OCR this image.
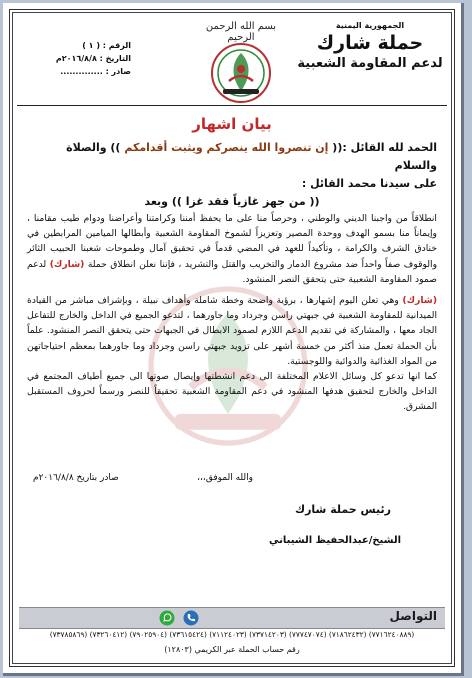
الجمهورية اليمنية
حملة شارك
لدعم المقاومة الشعبية
بسم الله الرحمن الرحيم
الرقم : ( ١ )
التاريخ : ٢٠١٦/٨/٨م
صادر : ..............
بيان اشهار
الحمد لله القائل :(( إن تنصروا الله ينصركم ويثبت أقدامكم )) والصلاة والسلام
على سيدنا محمد القائل :
(( من جهز غازياً فقد غزا )) وبعد

انطلاقاً من واجبنا الديني والوطني ، وحرصاً منا على ما يحفظ أمننا وكرامتنا وأعراضنا ودوام طيب مقامنا ، وإيماناً منا بسمو الهدف ووحدة المصير وتعزيزاً لشموخ المقاومة الشعبية وأبطالها الميامين المرابطين في خنادق الشرف والكرامة ، وتأكيداً للعهد في المضي قدماً في تحقيق آمال وطموحات شعبنا الحبيب الثائر والوقوف صفاً واحداً ضد مشروع الدمار والتخريب والقتل والتشريد ، فإننا نعلن انطلاق حملة (شارك) لدعم صمود المقاومة الشعبية حتى يتحقق النصر المنشود.

(شارك) وهي تعلن اليوم إشهارها ، برؤية واضحة وخطة شاملة وأهداف نبيلة ، وبإشراف مباشر من القيادة الميدانية للمقاومة الشعبية في جبهتي راسن وجرداد وما جاورهما ، لتدعو الجميع في الداخل والخارج للتفاعل الجاد معها ، والمشاركة في تقديم الدعم اللازم لصمود الابطال في الجبهات حتى يتحقق النصر المنشود. علماً بأن الحملة تعمل منذ أكثر من خمسة أشهر على تزويد جبهتي راسن وجرداد وما جاورهما بمعظم احتياجاتهن من المواد الغذائية والدوائية واللوجستية.

كما انها تدعو كل وسائل الاعلام المختلفة الى دعم انشطتها وإيصال صوتها الى جميع أطياف المجتمع في الداخل والخارج لتحقيق هدفها المنشود في دعم المقاومة الشعبية تحقيقاً للنصر ورسماً لحروف المستقبل المشرق.

والله الموفق،،،
صادر بتاريخ ٢٠١٦/٨/٨م
رئيس حملة شارك
الشيخ/عبدالحفيظ الشيباني
التواصل
(٧٧١٦٢٤٠٨٨٩) (٧١٨٦٢٤٣٢) (٧٧٧٤٧٠٧٤) (٧٣٧١٤٢٠٣) (٧١١٢٤٠٢٣) (٧٣٦١٥٤٢٤) (٧٩٠٢٥٩٠٤) (٧٣٢٦٠٤١٢) (٧٣٧٨٥٨٦٩)
رقم حساب الحملة عبر الكريمي (١٢٨٠٣)
